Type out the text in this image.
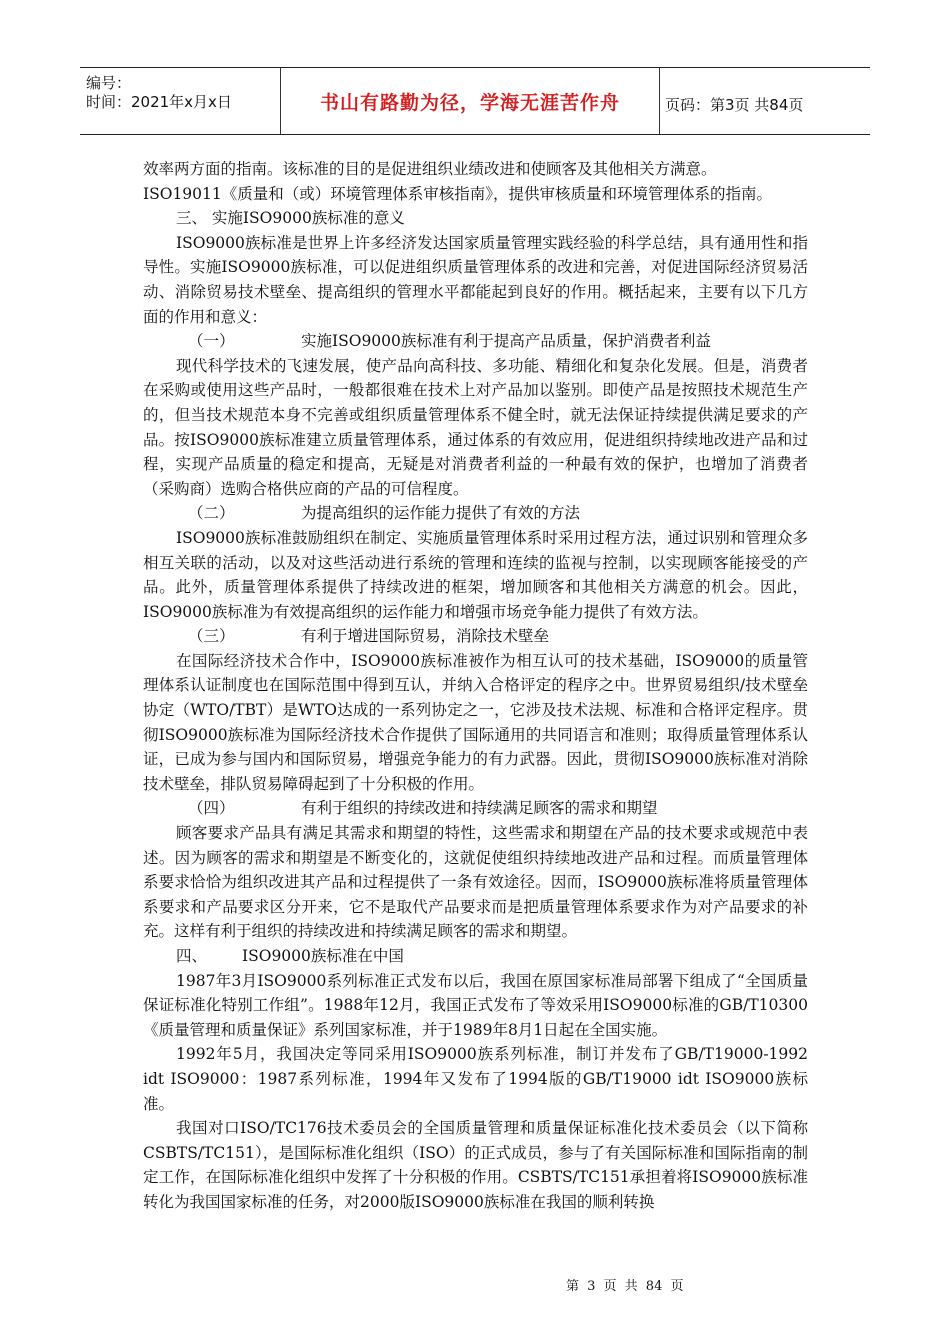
编号：
时间：2021年x月x日	书山有路勤为径，学海无涯苦作舟	页码：第3页 共84页

效率两方面的指南。该标准的目的是促进组织业绩改进和使顾客及其他相关方满意。

ISO19011《质量和（或）环境管理体系审核指南》，提供审核质量和环境管理体系的指南。

三、 实施ISO9000族标准的意义

ISO9000族标准是世界上许多经济发达国家质量管理实践经验的科学总结，具有通用性和指导性。实施ISO9000族标准，可以促进组织质量管理体系的改进和完善，对促进国际经济贸易活动、消除贸易技术壁垒、提高组织的管理水平都能起到良好的作用。概括起来，主要有以下几方面的作用和意义：

（一）	实施ISO9000族标准有利于提高产品质量，保护消费者利益

现代科学技术的飞速发展，使产品向高科技、多功能、精细化和复杂化发展。但是，消费者在采购或使用这些产品时，一般都很难在技术上对产品加以鉴别。即使产品是按照技术规范生产的，但当技术规范本身不完善或组织质量管理体系不健全时，就无法保证持续提供满足要求的产品。按ISO9000族标准建立质量管理体系，通过体系的有效应用，促进组织持续地改进产品和过程，实现产品质量的稳定和提高，无疑是对消费者利益的一种最有效的保护，也增加了消费者（采购商）选购合格供应商的产品的可信程度。

（二）	为提高组织的运作能力提供了有效的方法

ISO9000族标准鼓励组织在制定、实施质量管理体系时采用过程方法，通过识别和管理众多相互关联的活动，以及对这些活动进行系统的管理和连续的监视与控制，以实现顾客能接受的产品。此外，质量管理体系提供了持续改进的框架，增加顾客和其他相关方满意的机会。因此，ISO9000族标准为有效提高组织的运作能力和增强市场竞争能力提供了有效方法。

（三）	有利于增进国际贸易，消除技术壁垒

在国际经济技术合作中，ISO9000族标准被作为相互认可的技术基础，ISO9000的质量管理体系认证制度也在国际范围中得到互认，并纳入合格评定的程序之中。世界贸易组织/技术壁垒协定（WTO/TBT）是WTO达成的一系列协定之一，它涉及技术法规、标准和合格评定程序。贯彻ISO9000族标准为国际经济技术合作提供了国际通用的共同语言和准则；取得质量管理体系认证，已成为参与国内和国际贸易，增强竞争能力的有力武器。因此，贯彻ISO9000族标准对消除技术壁垒，排队贸易障碍起到了十分积极的作用。

（四）	有利于组织的持续改进和持续满足顾客的需求和期望

顾客要求产品具有满足其需求和期望的特性，这些需求和期望在产品的技术要求或规范中表述。因为顾客的需求和期望是不断变化的，这就促使组织持续地改进产品和过程。而质量管理体系要求恰恰为组织改进其产品和过程提供了一条有效途径。因而，ISO9000族标准将质量管理体系要求和产品要求区分开来，它不是取代产品要求而是把质量管理体系要求作为对产品要求的补充。这样有利于组织的持续改进和持续满足顾客的需求和期望。

四、 ISO9000族标准在中国

1987年3月ISO9000系列标准正式发布以后，我国在原国家标准局部署下组成了“全国质量保证标准化特别工作组”。1988年12月，我国正式发布了等效采用ISO9000标准的GB/T10300《质量管理和质量保证》系列国家标准，并于1989年8月1日起在全国实施。

1992年5月，我国决定等同采用ISO9000族系列标准，制订并发布了GB/T19000-1992 idt ISO9000：1987系列标准，1994年又发布了1994版的GB/T19000 idt ISO9000族标准。

我国对口ISO/TC176技术委员会的全国质量管理和质量保证标准化技术委员会（以下简称CSBTS/TC151），是国际标准化组织（ISO）的正式成员，参与了有关国际标准和国际指南的制定工作，在国际标准化组织中发挥了十分积极的作用。CSBTS/TC151承担着将ISO9000族标准转化为我国国家标准的任务，对2000版ISO9000族标准在我国的顺利转换

第 3 页 共 84 页
